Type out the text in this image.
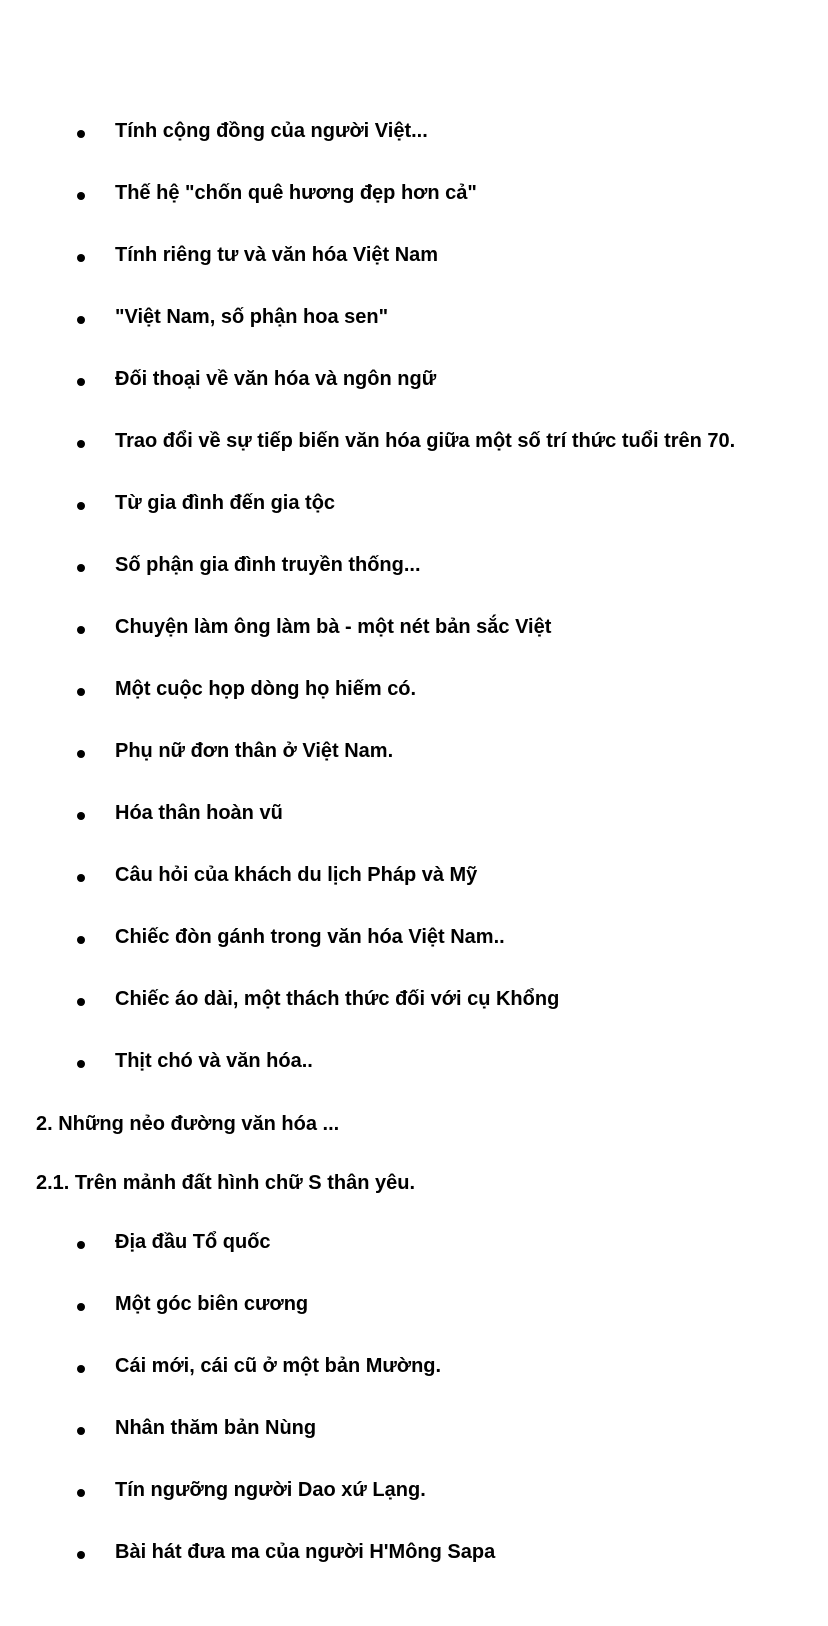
Tính cộng đồng của người Việt...
Thế hệ "chốn quê hương đẹp hơn cả"
Tính riêng tư và văn hóa Việt Nam
"Việt Nam, số phận hoa sen"
Đối thoại về văn hóa và ngôn ngữ
Trao đổi về sự tiếp biến văn hóa giữa một số trí thức tuổi trên 70.
Từ gia đình đến gia tộc
Số phận gia đình truyền thống...
Chuyện làm ông làm bà - một nét bản sắc Việt
Một cuộc họp dòng họ hiếm có.
Phụ nữ đơn thân ở Việt Nam.
Hóa thân hoàn vũ
Câu hỏi của khách du lịch Pháp và Mỹ
Chiếc đòn gánh trong văn hóa Việt Nam..
Chiếc áo dài, một thách thức đối với cụ Khổng
Thịt chó và văn hóa..
2. Những nẻo đường văn hóa ...
2.1. Trên mảnh đất hình chữ S thân yêu.
Địa đầu Tổ quốc
Một góc biên cương
Cái mới, cái cũ ở một bản Mường.
Nhân thăm bản Nùng
Tín ngưỡng người Dao xứ Lạng.
Bài hát đưa ma của người H'Mông Sapa
